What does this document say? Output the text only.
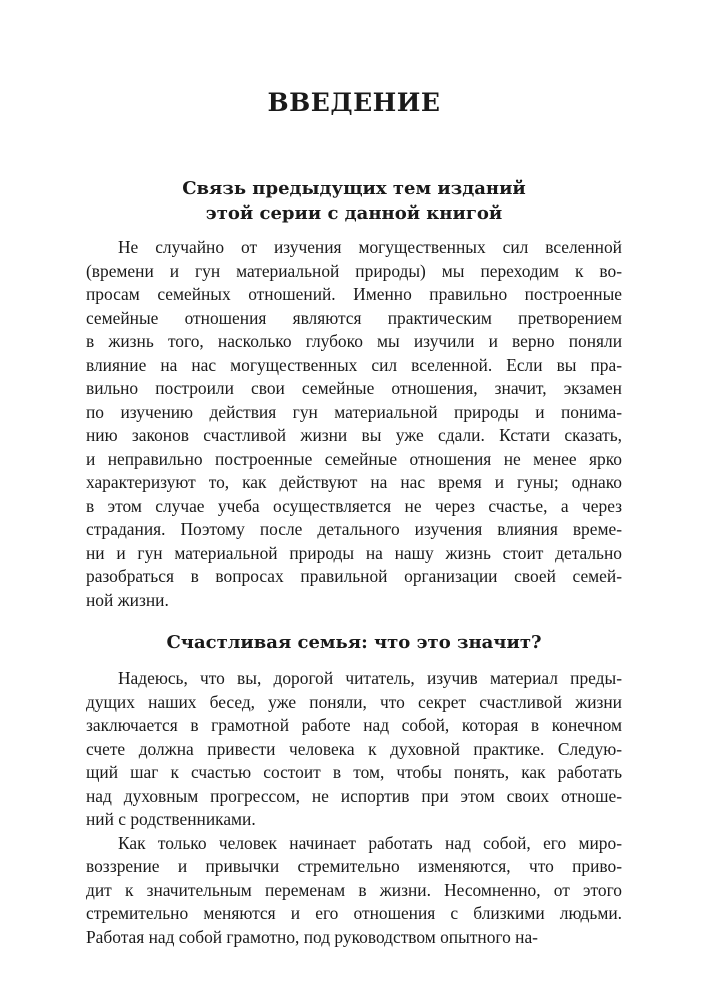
ВВЕДЕНИЕ
Связь предыдущих тем изданий
этой серии с данной книгой

Не случайно от изучения могущественных сил вселенной
(времени и гун материальной природы) мы переходим к во-
просам семейных отношений. Именно правильно построенные
семейные отношения являются практическим претворением
в жизнь того, насколько глубоко мы изучили и верно поняли
влияние на нас могущественных сил вселенной. Если вы пра-
вильно построили свои семейные отношения, значит, экзамен
по изучению действия гун материальной природы и понима-
нию законов счастливой жизни вы уже сдали. Кстати сказать,
и неправильно построенные семейные отношения не менее ярко
характеризуют то, как действуют на нас время и гуны; однако
в этом случае учеба осуществляется не через счастье, а через
страдания. Поэтому после детального изучения влияния време-
ни и гун материальной природы на нашу жизнь стоит детально
разобраться в вопросах правильной организации своей семей-
ной жизни.

Счастливая семья: что это значит?

Надеюсь, что вы, дорогой читатель, изучив материал преды-
дущих наших бесед, уже поняли, что секрет счастливой жизни
заключается в грамотной работе над собой, которая в конечном
счете должна привести человека к духовной практике. Следую-
щий шаг к счастью состоит в том, чтобы понять, как работать
над духовным прогрессом, не испортив при этом своих отноше-
ний с родственниками.

Как только человек начинает работать над собой, его миро-
воззрение и привычки стремительно изменяются, что приво-
дит к значительным переменам в жизни. Несомненно, от этого
стремительно меняются и его отношения с близкими людьми.
Работая над собой грамотно, под руководством опытного на-
